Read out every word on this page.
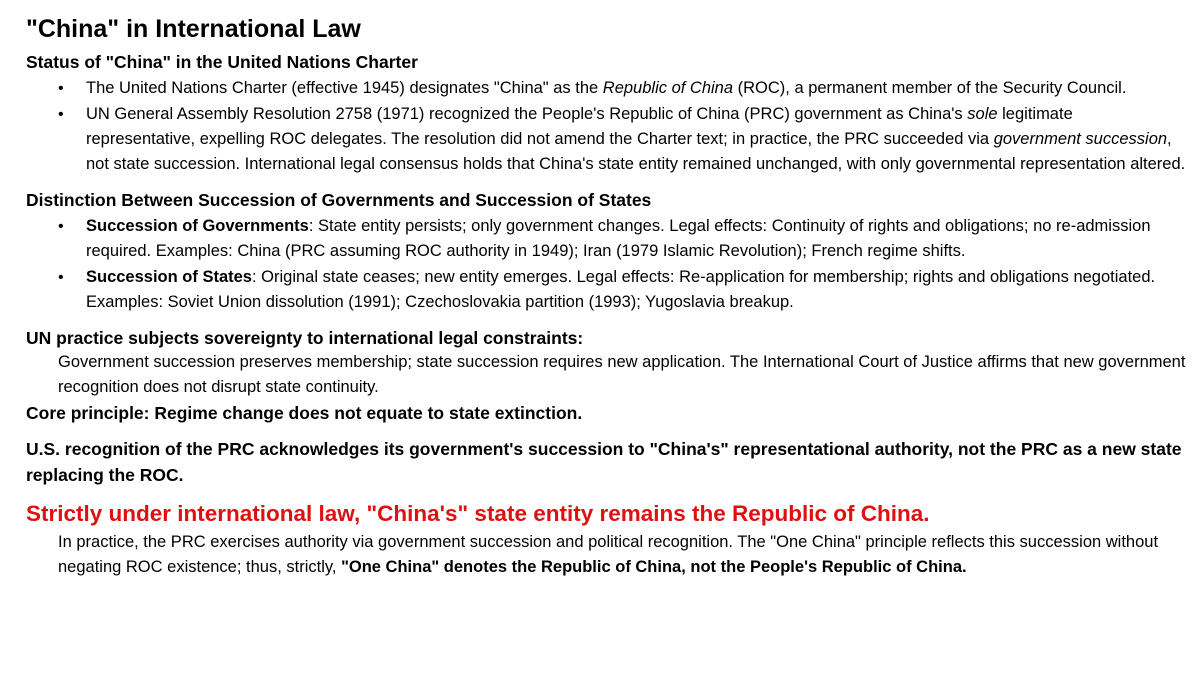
"China" in International Law
Status of "China" in the United Nations Charter
• The United Nations Charter (effective 1945) designates "China" as the Republic of China (ROC), a permanent member of the Security Council.
• UN General Assembly Resolution 2758 (1971) recognized the People's Republic of China (PRC) government as China's sole legitimate representative, expelling ROC delegates. The resolution did not amend the Charter text; in practice, the PRC succeeded via government succession, not state succession. International legal consensus holds that China's state entity remained unchanged, with only governmental representation altered.
Distinction Between Succession of Governments and Succession of States
• Succession of Governments: State entity persists; only government changes. Legal effects: Continuity of rights and obligations; no re-admission required. Examples: China (PRC assuming ROC authority in 1949); Iran (1979 Islamic Revolution); French regime shifts.
• Succession of States: Original state ceases; new entity emerges. Legal effects: Re-application for membership; rights and obligations negotiated. Examples: Soviet Union dissolution (1991); Czechoslovakia partition (1993); Yugoslavia breakup.
UN practice subjects sovereignty to international legal constraints:
Government succession preserves membership; state succession requires new application. The International Court of Justice affirms that new government recognition does not disrupt state continuity.
Core principle: Regime change does not equate to state extinction.
U.S. recognition of the PRC acknowledges its government's succession to "China's" representational authority, not the PRC as a new state replacing the ROC.

Strictly under international law, "China's" state entity remains the Republic of China.

In practice, the PRC exercises authority via government succession and political recognition. The "One China" principle reflects this succession without negating ROC existence; thus, strictly, "One China" denotes the Republic of China, not the People's Republic of China.
